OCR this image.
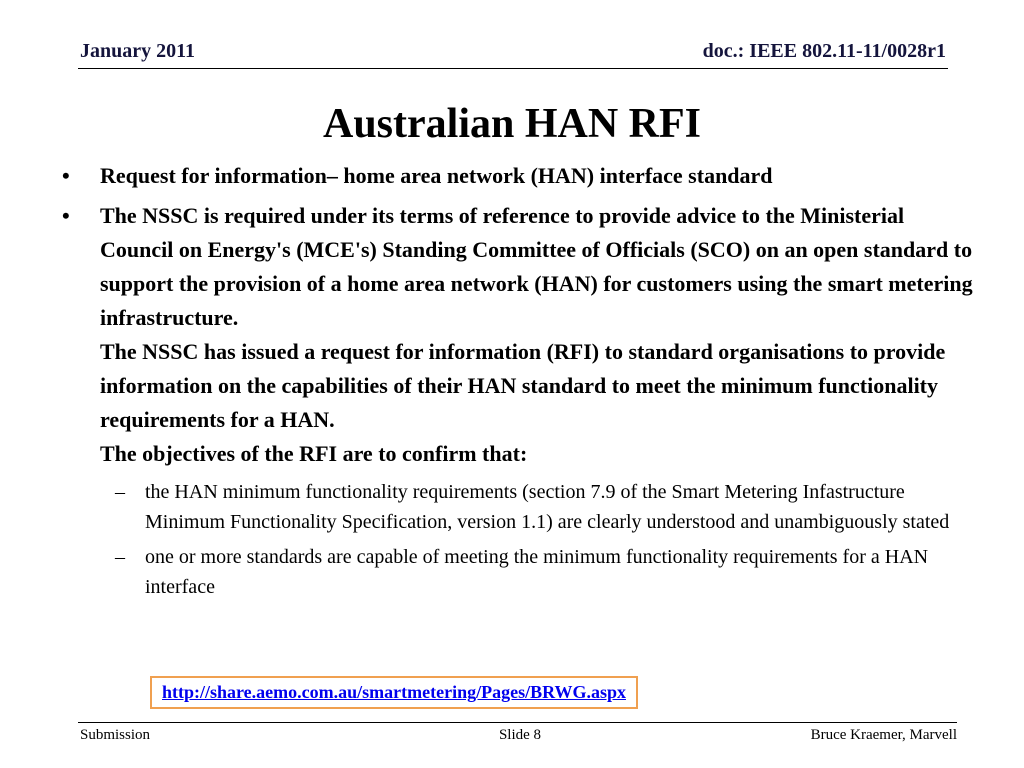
January 2011	doc.: IEEE 802.11-11/0028r1
Australian HAN RFI
• Request for information– home area network (HAN) interface standard
• The NSSC is required under its terms of reference to provide advice to the Ministerial Council on Energy's (MCE's) Standing Committee of Officials (SCO) on an open standard to support the provision of a home area network (HAN) for customers using the smart metering infrastructure.
The NSSC has issued a request for information (RFI) to standard organisations to provide information on the capabilities of their HAN standard to meet the minimum functionality requirements for a HAN.
The objectives of the RFI are to confirm that:
– the HAN minimum functionality requirements (section 7.9 of the Smart Metering Infastructure Minimum Functionality Specification, version 1.1) are clearly understood and unambiguously stated
– one or more standards are capable of meeting the minimum functionality requirements for a HAN interface
http://share.aemo.com.au/smartmetering/Pages/BRWG.aspx
Submission	Slide 8	Bruce Kraemer, Marvell
